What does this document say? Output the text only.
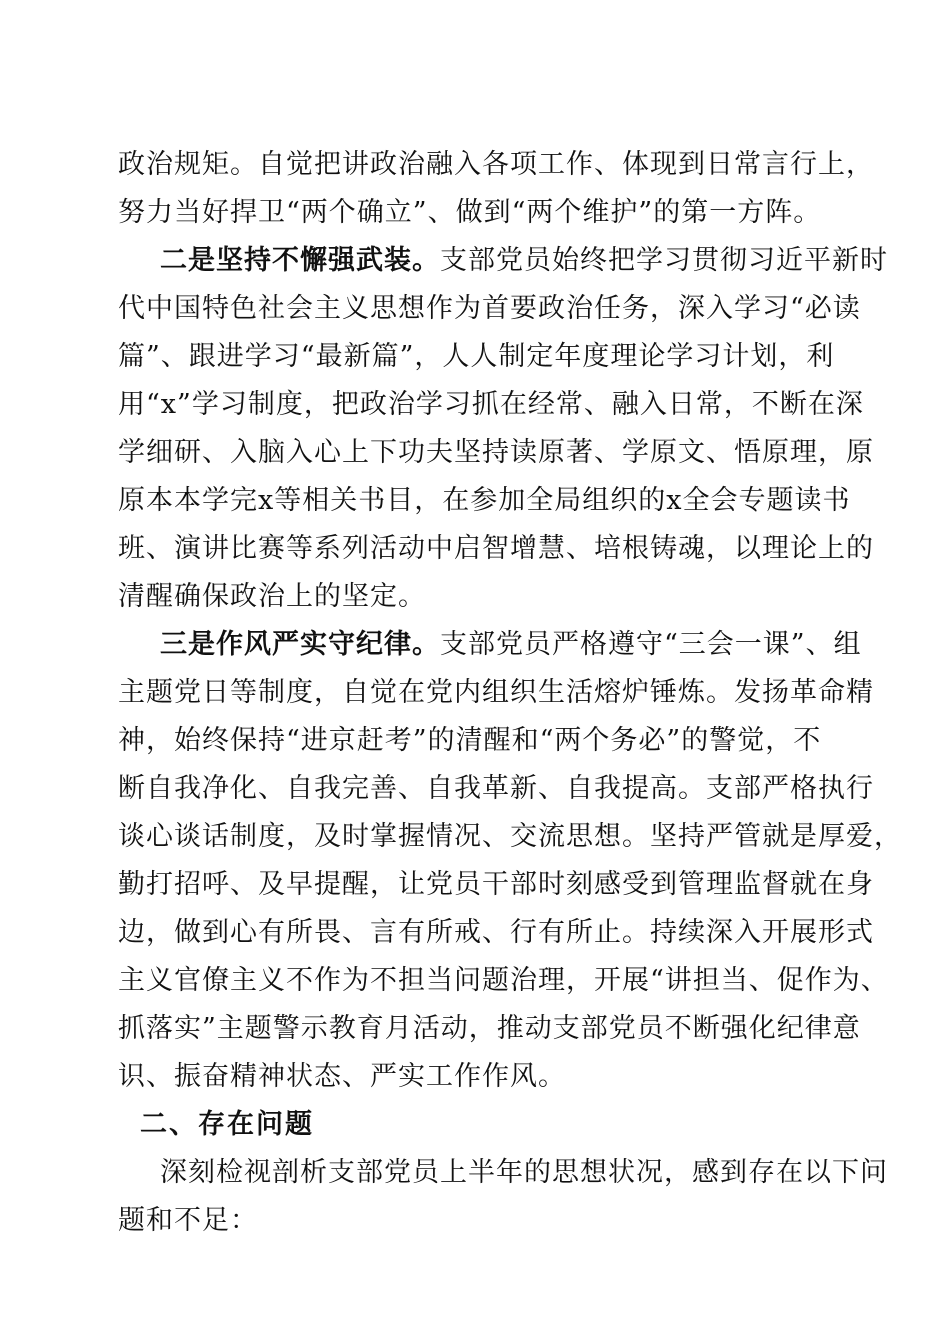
政治规矩。自觉把讲政治融入各项工作、体现到日常言行上，
努力当好捍卫“两个确立”、做到“两个维护”的第一方阵。
二是坚持不懈强武装。支部党员始终把学习贯彻习近平新时
代中国特色社会主义思想作为首要政治任务，深入学习“必读
篇”、跟进学习“最新篇”，人人制定年度理论学习计划，利
用“x”学习制度，把政治学习抓在经常、融入日常，不断在深
学细研、入脑入心上下功夫坚持读原著、学原文、悟原理，原
原本本学完x等相关书目，在参加全局组织的x全会专题读书
班、演讲比赛等系列活动中启智增慧、培根铸魂，以理论上的
清醒确保政治上的坚定。
三是作风严实守纪律。支部党员严格遵守“三会一课”、组
主题党日等制度，自觉在党内组织生活熔炉锤炼。发扬革命精
神，始终保持“进京赶考”的清醒和“两个务必”的警觉，不
断自我净化、自我完善、自我革新、自我提高。支部严格执行
谈心谈话制度，及时掌握情况、交流思想。坚持严管就是厚爱，
勤打招呼、及早提醒，让党员干部时刻感受到管理监督就在身
边，做到心有所畏、言有所戒、行有所止。持续深入开展形式
主义官僚主义不作为不担当问题治理，开展“讲担当、促作为、
抓落实”主题警示教育月活动，推动支部党员不断强化纪律意
识、振奋精神状态、严实工作作风。
二、存在问题
深刻检视剖析支部党员上半年的思想状况，感到存在以下问
题和不足：
